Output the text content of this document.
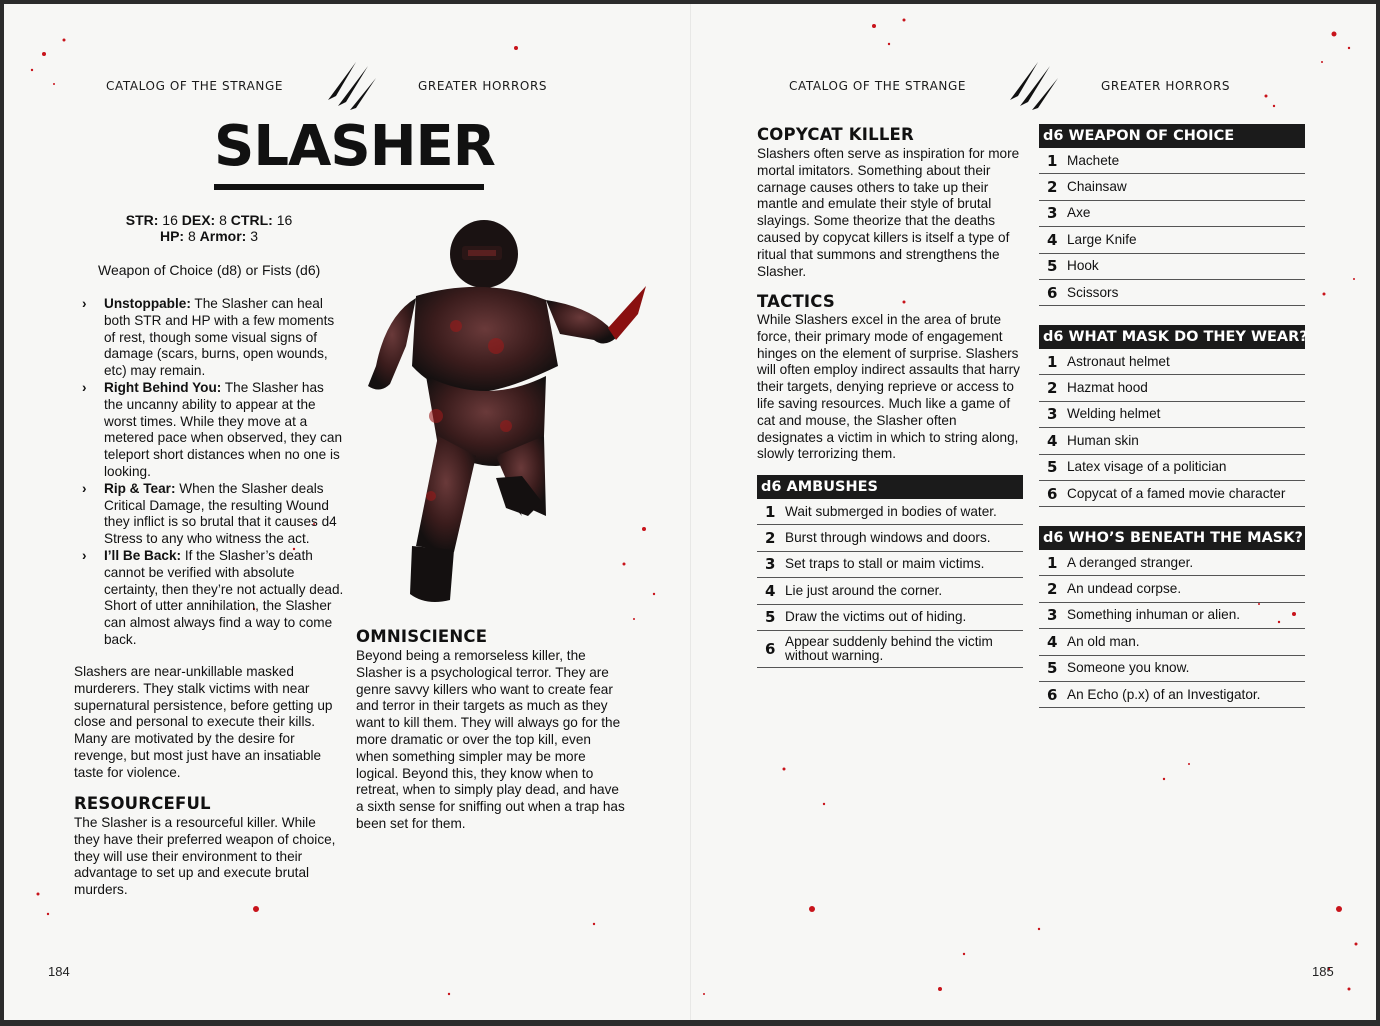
CATALOG OF THE STRANGE	GREATER HORRORS	CATALOG OF THE STRANGE	GREATER HORRORS
SLASHER
STR: 16 DEX: 8 CTRL: 16
HP: 8 Armor: 3
Weapon of Choice (d8) or Fists (d6)
› Unstoppable: The Slasher can heal both STR and HP with a few moments of rest, though some visual signs of damage (scars, burns, open wounds, etc) may remain.
› Right Behind You: The Slasher has the uncanny ability to appear at the worst times. While they move at a metered pace when observed, they can teleport short distances when no one is looking.
› Rip & Tear: When the Slasher deals Critical Damage, the resulting Wound they inflict is so brutal that it causes d4 Stress to any who witness the act.
› I’ll Be Back: If the Slasher’s death cannot be verified with absolute certainty, then they’re not actually dead. Short of utter annihilation, the Slasher can almost always find a way to come back.
Slashers are near-unkillable masked murderers. They stalk victims with near supernatural persistence, before getting up close and personal to execute their kills. Many are motivated by the desire for revenge, but most just have an insatiable taste for violence.
RESOURCEFUL
The Slasher is a resourceful killer. While they have their preferred weapon of choice, they will use their environment to their advantage to set up and execute brutal murders.
OMNISCIENCE
Beyond being a remorseless killer, the Slasher is a psychological terror. They are genre savvy killers who want to create fear and terror in their targets as much as they want to kill them. They will always go for the more dramatic or over the top kill, even when something simpler may be more logical. Beyond this, they know when to retreat, when to simply play dead, and have a sixth sense for sniffing out when a trap has been set for them.
184
COPYCAT KILLER
Slashers often serve as inspiration for more mortal imitators. Something about their carnage causes others to take up their mantle and emulate their style of brutal slayings. Some theorize that the deaths caused by copycat killers is itself a type of ritual that summons and strengthens the Slasher.
TACTICS
While Slashers excel in the area of brute force, their primary mode of engagement hinges on the element of surprise. Slashers will often employ indirect assaults that harry their targets, denying reprieve or access to life saving resources. Much like a game of cat and mouse, the Slasher often designates a victim in which to string along, slowly terrorizing them.
d6 AMBUSHES
1 Wait submerged in bodies of water.
2 Burst through windows and doors.
3 Set traps to stall or maim victims.
4 Lie just around the corner.
5 Draw the victims out of hiding.
6 Appear suddenly behind the victim without warning.
d6 WEAPON OF CHOICE
1 Machete
2 Chainsaw
3 Axe
4 Large Knife
5 Hook
6 Scissors
d6 WHAT MASK DO THEY WEAR?
1 Astronaut helmet
2 Hazmat hood
3 Welding helmet
4 Human skin
5 Latex visage of a politician
6 Copycat of a famed movie character
d6 WHO’S BENEATH THE MASK?
1 A deranged stranger.
2 An undead corpse.
3 Something inhuman or alien.
4 An old man.
5 Someone you know.
6 An Echo (p.x) of an Investigator.
185
